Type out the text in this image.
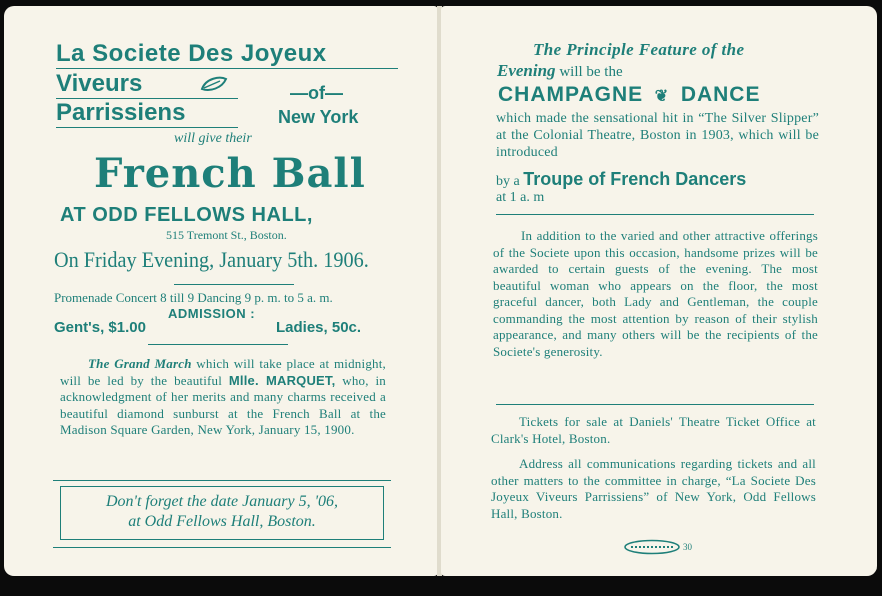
La Societe Des Joyeux
Viveurs
Parrissiens
—of—
New York
will give their
French Ball
AT ODD FELLOWS HALL,
515 Tremont St., Boston.
On Friday Evening, January 5th. 1906.
Promenade Concert 8 till 9 Dancing 9 p. m. to 5 a. m.
ADMISSION :
Gent's, $1.00	Ladies, 50c.
The Grand March which will take place at midnight, will be led by the beautiful Mlle. MARQUET, who, in acknowledgment of her merits and many charms received a beautiful diamond sunburst at the French Ball at the Madison Square Garden, New York, January 15, 1900.
Don't forget the date January 5, '06,
at Odd Fellows Hall, Boston.
The Principle Feature of the
Evening will be the
CHAMPAGNE ❦ DANCE
which made the sensational hit in “The Silver Slipper” at the Colonial Theatre, Boston in 1903, which will be introduced
by a Troupe of French Dancers
at 1 a. m
In addition to the varied and other attractive offerings of the Societe upon this occasion, handsome prizes will be awarded to certain guests of the evening. The most beautiful woman who appears on the floor, the most graceful dancer, both Lady and Gentleman, the couple commanding the most attention by reason of their stylish appearance, and many others will be the recipients of the Societe's generosity.
Tickets for sale at Daniels' Theatre Ticket Office at Clark's Hotel, Boston.
Address all communications regarding tickets and all other matters to the committee in charge, “La Societe Des Joyeux Viveurs Parrissiens” of New York, Odd Fellows Hall, Boston.
30
